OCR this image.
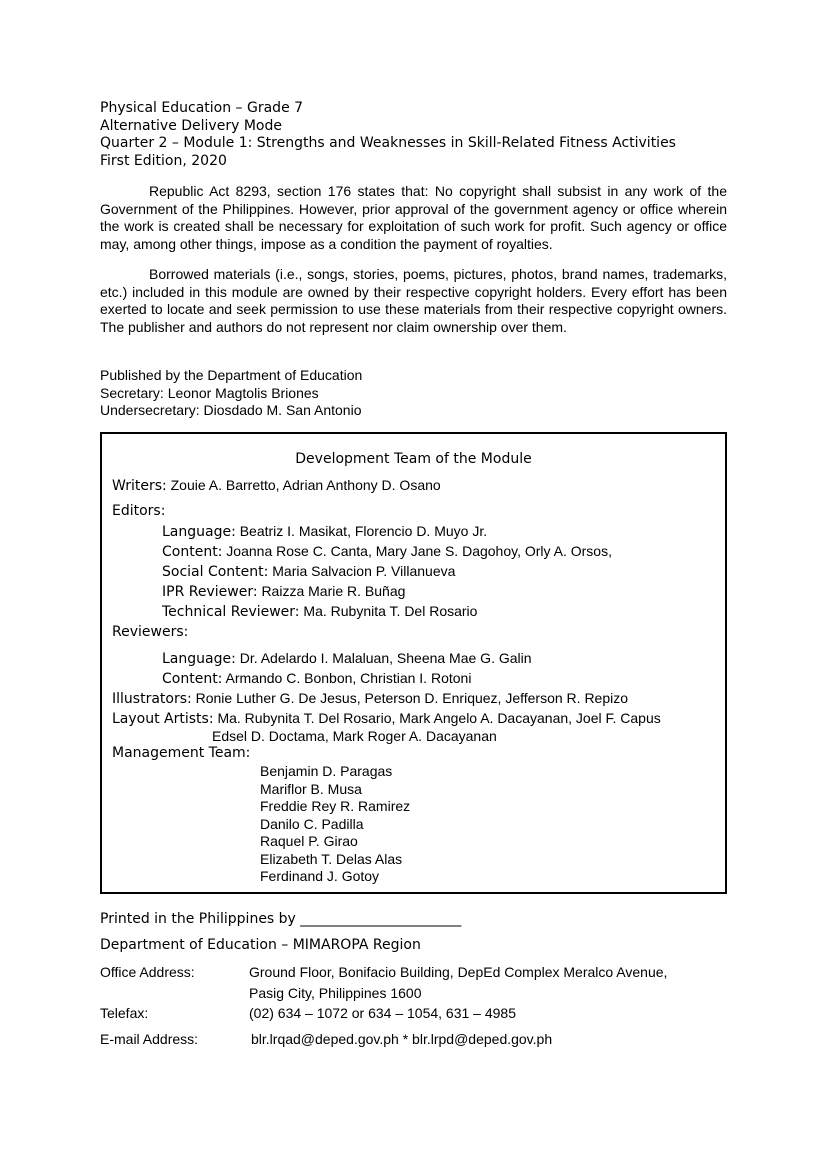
Physical Education – Grade 7
Alternative Delivery Mode
Quarter 2 – Module 1: Strengths and Weaknesses in Skill-Related Fitness Activities
First Edition, 2020

Republic Act 8293, section 176 states that: No copyright shall subsist in any work of the Government of the Philippines. However, prior approval of the government agency or office wherein the work is created shall be necessary for exploitation of such work for profit. Such agency or office may, among other things, impose as a condition the payment of royalties.

Borrowed materials (i.e., songs, stories, poems, pictures, photos, brand names, trademarks, etc.) included in this module are owned by their respective copyright holders. Every effort has been exerted to locate and seek permission to use these materials from their respective copyright owners. The publisher and authors do not represent nor claim ownership over them.

Published by the Department of Education
Secretary: Leonor Magtolis Briones
Undersecretary: Diosdado M. San Antonio
Development Team of the Module
Writers: Zouie A. Barretto, Adrian Anthony D. Osano
Editors:
Language: Beatriz I. Masikat, Florencio D. Muyo Jr.
Content: Joanna Rose C. Canta, Mary Jane S. Dagohoy, Orly A. Orsos,
Social Content: Maria Salvacion P. Villanueva
IPR Reviewer: Raizza Marie R. Buñag
Technical Reviewer: Ma. Rubynita T. Del Rosario
Reviewers:
Language: Dr. Adelardo I. Malaluan, Sheena Mae G. Galin
Content: Armando C. Bonbon, Christian I. Rotoni
Illustrators: Ronie Luther G. De Jesus, Peterson D. Enriquez, Jefferson R. Repizo
Layout Artists: Ma. Rubynita T. Del Rosario, Mark Angelo A. Dacayanan, Joel F. Capus
Edsel D. Doctama, Mark Roger A. Dacayanan
Management Team:
Benjamin D. Paragas
Mariflor B. Musa
Freddie Rey R. Ramirez
Danilo C. Padilla
Raquel P. Girao
Elizabeth T. Delas Alas
Ferdinand J. Gotoy
Printed in the Philippines by _______________________
Department of Education – MIMAROPA Region
Office Address:	Ground Floor, Bonifacio Building, DepEd Complex Meralco Avenue,
Pasig City, Philippines 1600
Telefax:	(02) 634 – 1072 or 634 – 1054, 631 – 4985
E-mail Address:	blr.lrqad@deped.gov.ph * blr.lrpd@deped.gov.ph
